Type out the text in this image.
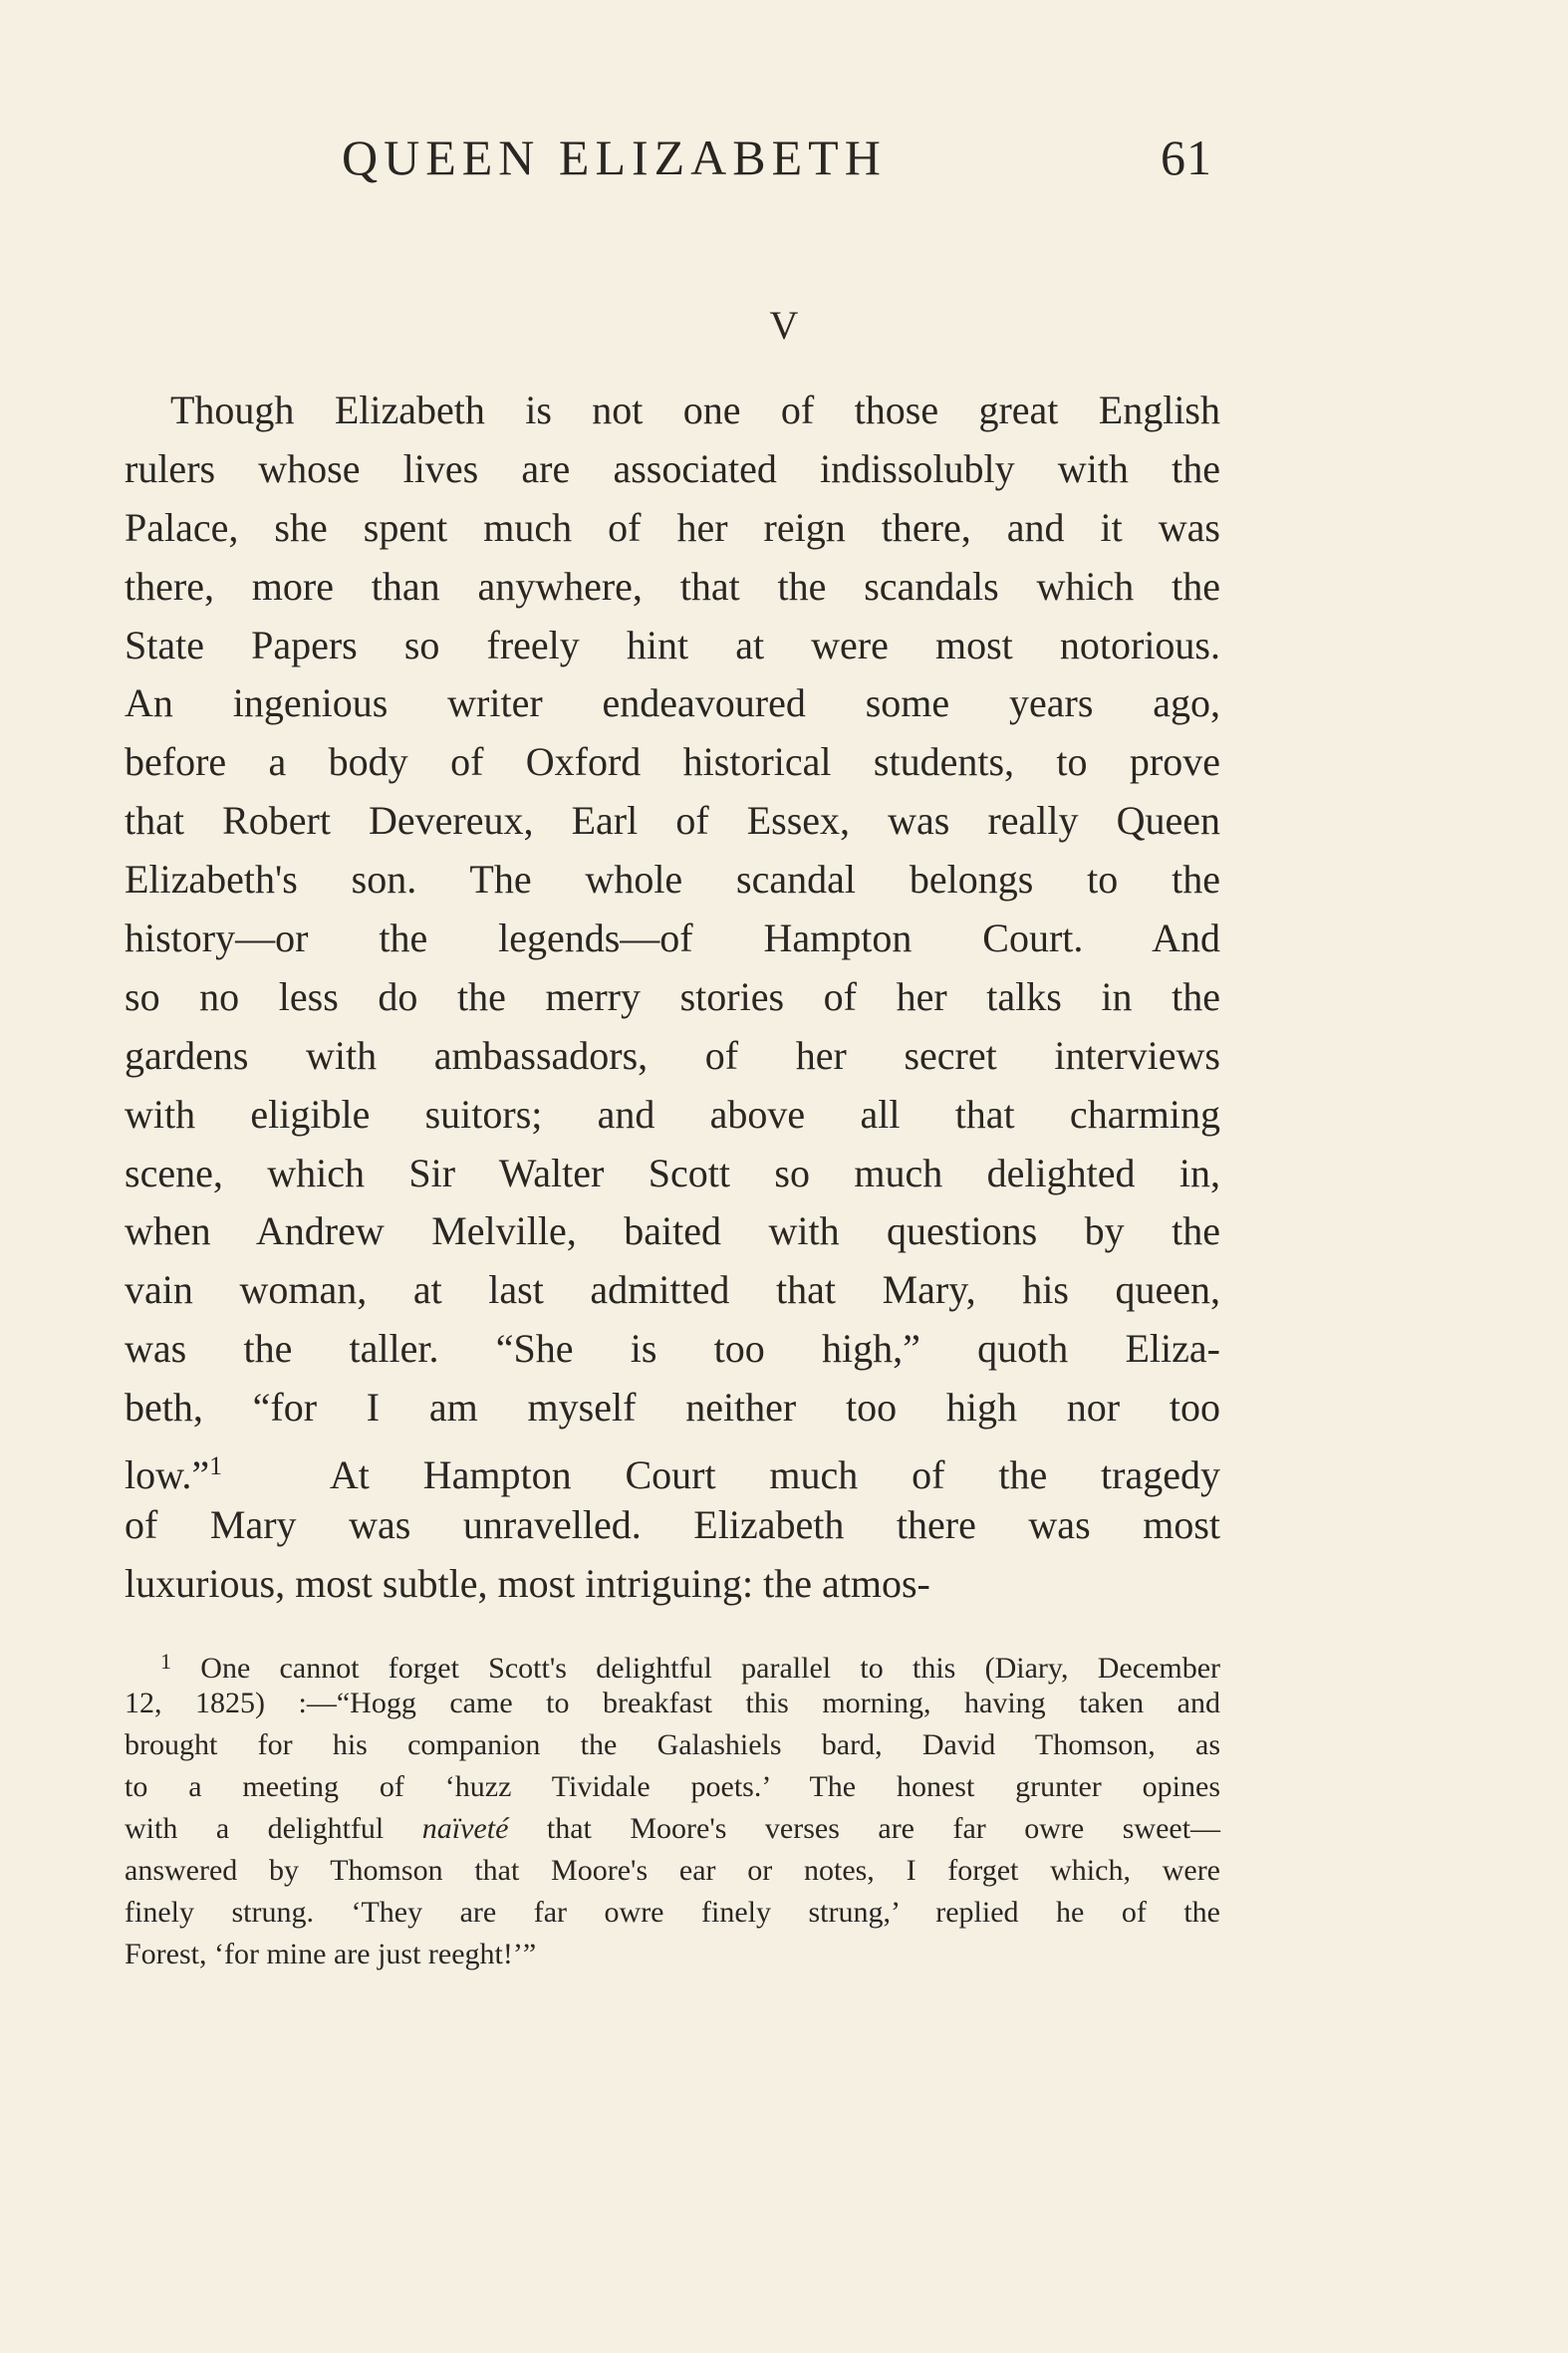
QUEEN ELIZABETH	61
V
Though Elizabeth is not one of those great English
rulers whose lives are associated indissolubly with the
Palace, she spent much of her reign there, and it was
there, more than anywhere, that the scandals which the
State Papers so freely hint at were most notorious.
An ingenious writer endeavoured some years ago,
before a body of Oxford historical students, to prove
that Robert Devereux, Earl of Essex, was really Queen
Elizabeth's son. The whole scandal belongs to the
history—or the legends—of Hampton Court. And
so no less do the merry stories of her talks in the
gardens with ambassadors, of her secret interviews
with eligible suitors; and above all that charming
scene, which Sir Walter Scott so much delighted in,
when Andrew Melville, baited with questions by the
vain woman, at last admitted that Mary, his queen,
was the taller. “She is too high,” quoth Eliza-
beth, “for I am myself neither too high nor too
low.”$^1$	At Hampton Court much of the tragedy
of Mary was unravelled. Elizabeth there was most
luxurious, most subtle, most intriguing: the atmos-
$^1$ One cannot forget Scott's delightful parallel to this (Diary, December
12, 1825) :—“Hogg came to breakfast this morning, having taken and
brought for his companion the Galashiels bard, David Thomson, as
to a meeting of ‘huzz Tividale poets.’ The honest grunter opines
with a delightful naïveté that Moore's verses are far owre sweet—
answered by Thomson that Moore's ear or notes, I forget which, were
finely strung. ‘They are far owre finely strung,’ replied he of the
Forest, ‘for mine are just reeght!’”
